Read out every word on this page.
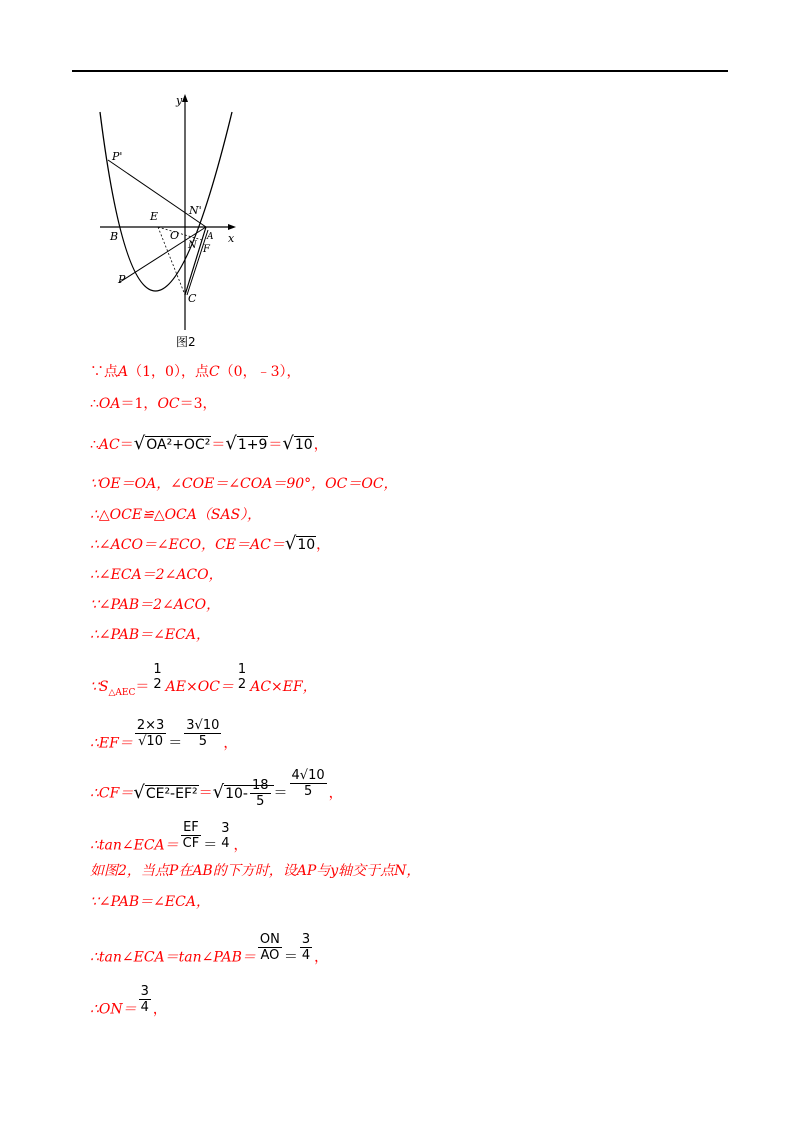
y
x
P'
N'
E
O
B	A
N F
P
C
图2
∵点A（1，0），点C（0，﹣3），
∴OA＝1，OC＝3，
∴AC＝√OA²+OC²＝√1+9＝√10，
∵OE＝OA，∠COE＝∠COA＝90°，OC＝OC，
∴△OCE≌△OCA（SAS），
∴∠ACO＝∠ECO，CE＝AC＝√10，
∴∠ECA＝2∠ACO，
∵∠PAB＝2∠ACO，
∴∠PAB＝∠ECA，
$\because S_{\triangle AEC}=$
1
2 AE×OC＝
1
2 AC×EF，
∴EF＝ $\frac{2\times 3}{√10} = \frac{3√10}{5}$ ，
∴CF＝√CE²-EF²＝√10- $\frac{18}{5} = \frac{4√10}{5}$ ，
∴tan∠ECA＝ $\frac{EF}{CF}$ ＝
3
4 ，
如图2，当点P在AB的下方时，设AP与y轴交于点N，
∵∠PAB＝∠ECA，
∴tan∠ECA＝tan∠PAB＝ $\frac{ON}{AO} = \frac{3}{4}$ ，
∴ON＝ $\frac{3}{4}$ ，
